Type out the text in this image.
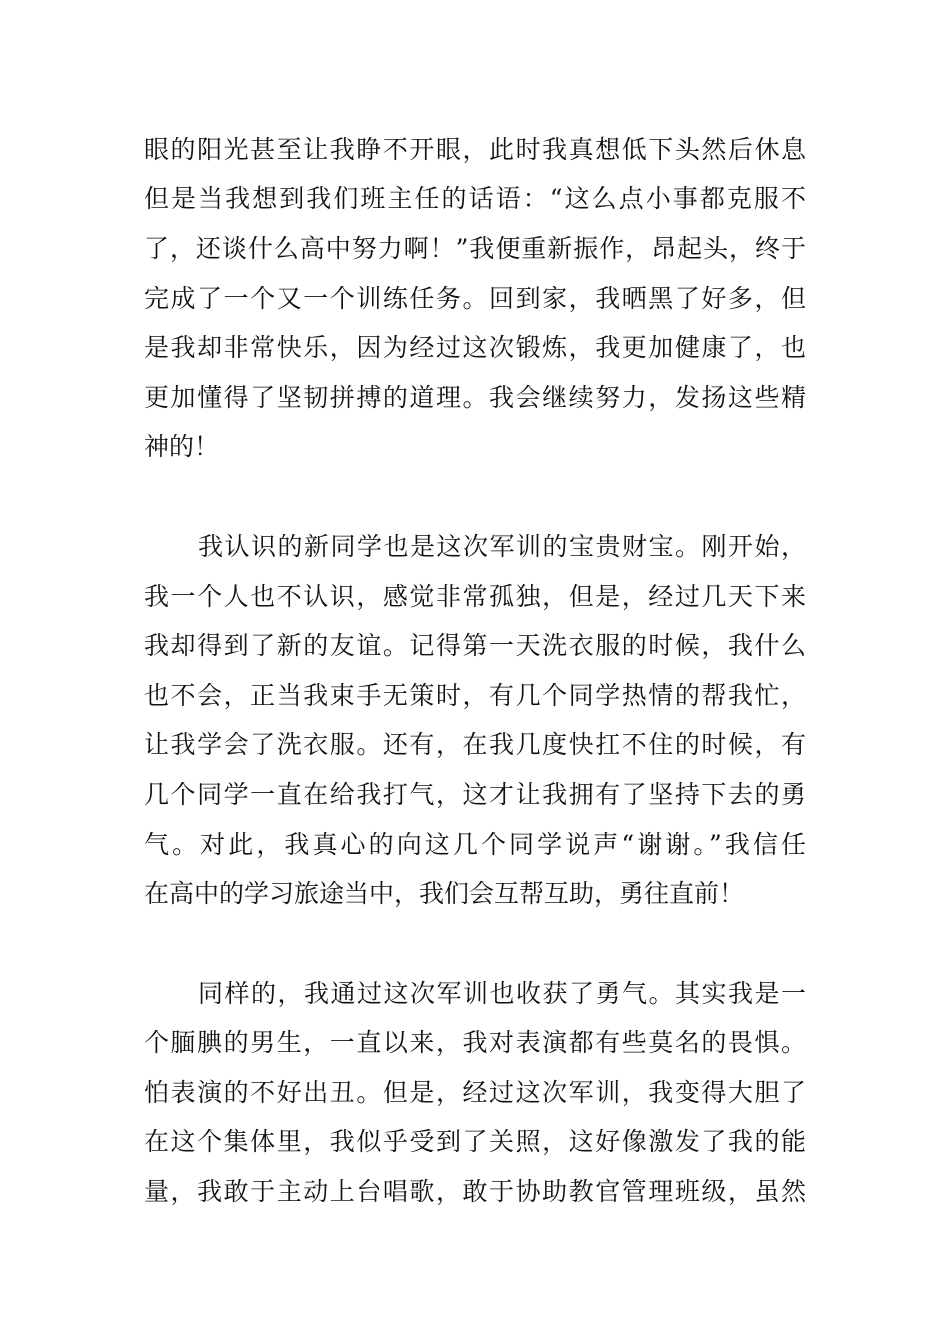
眼的阳光甚至让我睁不开眼，此时我真想低下头然后休息
但是当我想到我们班主任的话语：“这么点小事都克服不
了，还谈什么高中努力啊！”我便重新振作，昂起头，终于
完成了一个又一个训练任务。回到家，我晒黑了好多，但
是我却非常快乐，因为经过这次锻炼，我更加健康了，也
更加懂得了坚韧拼搏的道理。我会继续努力，发扬这些精
神的！
我认识的新同学也是这次军训的宝贵财宝。刚开始，
我一个人也不认识，感觉非常孤独，但是，经过几天下来
我却得到了新的友谊。记得第一天洗衣服的时候，我什么
也不会，正当我束手无策时，有几个同学热情的帮我忙，
让我学会了洗衣服。还有，在我几度快扛不住的时候，有
几个同学一直在给我打气，这才让我拥有了坚持下去的勇
气。对此，我真心的向这几个同学说声“谢谢。”我信任
在高中的学习旅途当中，我们会互帮互助，勇往直前！
同样的，我通过这次军训也收获了勇气。其实我是一
个腼腆的男生，一直以来，我对表演都有些莫名的畏惧。
怕表演的不好出丑。但是，经过这次军训，我变得大胆了
在这个集体里，我似乎受到了关照，这好像激发了我的能
量，我敢于主动上台唱歌，敢于协助教官管理班级，虽然
